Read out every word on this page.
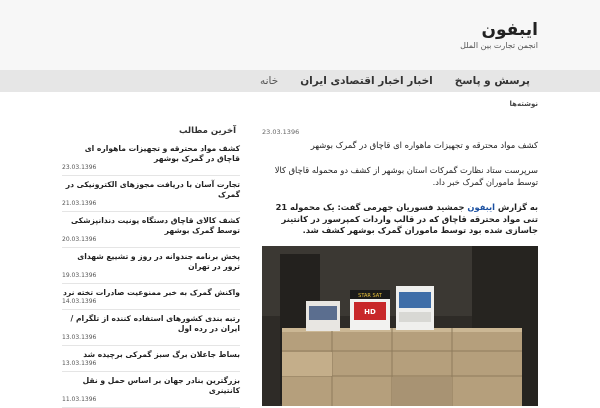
ایبفون
انجمن تجارت بین الملل
خانه اخبار اخبار اقتصادی ایران پرسش و پاسخ
نوشته‌ها
آخرین مطالب
کشف مواد محترقه و تجهیزات ماهواره ای قاچاق در گمرک بوشهر
23.03.1396
تجارت آسان با دریافت مجوزهای الکترونیکی در گمرک
21.03.1396
کشف کالای قاچاق دستگاه یونیت دندانپزشکی توسط گمرک بوشهر
20.03.1396
پخش برنامه جندوانه در روز و تشییع شهدای ترور در تهران
19.03.1396
واکنش گمرک به خبر ممنوعیت صادرات تخته نرد
14.03.1396
رتبه بندی کشورهای استفاده کننده از تلگرام / ایران در رده اول
13.03.1396
بساط جاعلان برگ سبز گمرکی برچیده شد
13.03.1396
بزرگترین بنادر جهان بر اساس حمل و نقل کانتینری
11.03.1396
23.03.1396
کشف مواد محترقه و تجهیزات ماهواره ای قاچاق در گمرک بوشهر

سرپرست ستاد نظارت گمرکات استان بوشهر از کشف دو محموله قاچاق کالا توسط ماموران گمرک خبر داد.

به گزارش ایبفون جمشید فسوریان جهرمی گفت: یک محموله 21 تنی مواد محترقه قاچاق که در قالب واردات کمپرسور در کانتینر جاسازی شده بود توسط ماموران گمرک بوشهر کشف شد.

STAR SAT
HD
